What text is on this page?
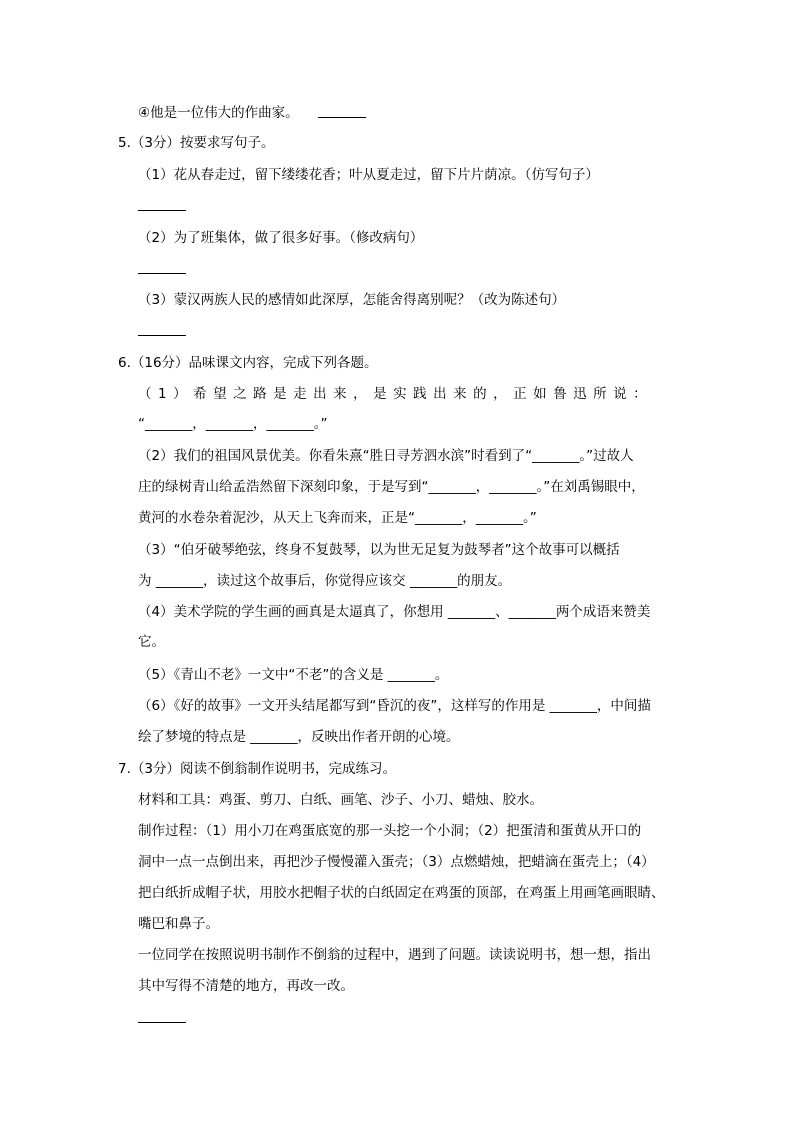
④他是一位伟大的作曲家。
5.（3分）按要求写句子。
（1）花从春走过，留下缕缕花香；叶从夏走过，留下片片荫凉。（仿写句子）
（2）为了班集体，做了很多好事。（修改病句）
（3）蒙汉两族人民的感情如此深厚，怎能舍得离别呢？（改为陈述句）
6.（16分）品味课文内容，完成下列各题。
（1）希望之路是走出来，是实践出来的，正如鲁迅所说：
“_______，_______，_______。”
（2）我们的祖国风景优美。你看朱熹“胜日寻芳泗水滨”时看到了“_______。”过故人
庄的绿树青山给孟浩然留下深刻印象，于是写到“_______，_______。”在刘禹锡眼中，
黄河的水卷杂着泥沙，从天上飞奔而来，正是“_______，_______。”
（3）“伯牙破琴绝弦，终身不复鼓琴，以为世无足复为鼓琴者”这个故事可以概括
为 _______，读过这个故事后，你觉得应该交 _______的朋友。
（4）美术学院的学生画的画真是太逼真了，你想用 _______、_______两个成语来赞美
它。
（5）《青山不老》一文中“不老”的含义是 _______。
（6）《好的故事》一文开头结尾都写到“昏沉的夜”，这样写的作用是 _______，中间描
绘了梦境的特点是 _______，反映出作者开朗的心境。
7.（3分）阅读不倒翁制作说明书，完成练习。
材料和工具：鸡蛋、剪刀、白纸、画笔、沙子、小刀、蜡烛、胶水。
制作过程：（1）用小刀在鸡蛋底宽的那一头挖一个小洞；（2）把蛋清和蛋黄从开口的
洞中一点一点倒出来，再把沙子慢慢灌入蛋壳；（3）点燃蜡烛，把蜡滴在蛋壳上；（4）
把白纸折成帽子状，用胶水把帽子状的白纸固定在鸡蛋的顶部，在鸡蛋上用画笔画眼睛、
嘴巴和鼻子。
一位同学在按照说明书制作不倒翁的过程中，遇到了问题。读读说明书，想一想，指出
其中写得不清楚的地方，再改一改。
